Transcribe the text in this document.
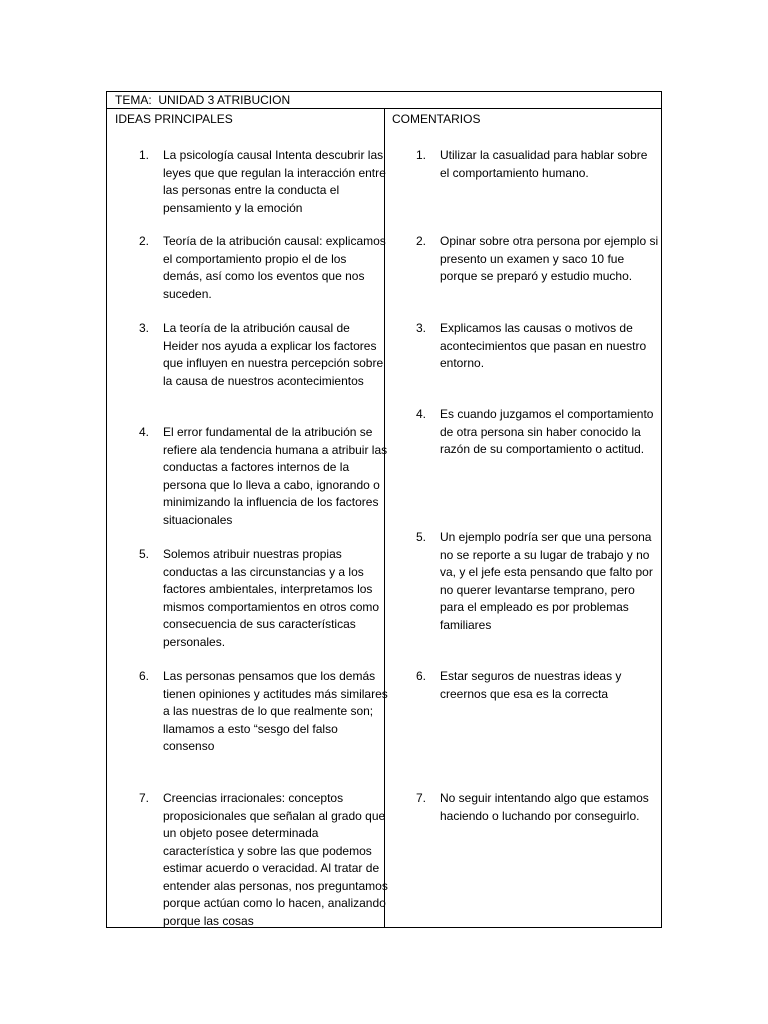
TEMA:  UNIDAD 3 ATRIBUCION
IDEAS PRINCIPALES	COMENTARIOS
1. La psicología causal Intenta descubrir las leyes que que regulan la interacción entre las personas entre la conducta el pensamiento y la emoción
2. Teoría de la atribución causal: explicamos el comportamiento propio el de los demás, así como los eventos que nos suceden.
3. La teoría de la atribución causal de Heider nos ayuda a explicar los factores que influyen en nuestra percepción sobre la causa de nuestros acontecimientos
4. El error fundamental de la atribución se refiere ala tendencia humana a atribuir las conductas a factores internos de la persona que lo lleva a cabo, ignorando o minimizando la influencia de los factores situacionales
5. Solemos atribuir nuestras propias conductas a las circunstancias y a los factores ambientales, interpretamos los mismos comportamientos en otros como consecuencia de sus características personales.
6. Las personas pensamos que los demás tienen opiniones y actitudes más similares a las nuestras de lo que realmente son; llamamos a esto “sesgo del falso consenso
7. Creencias irracionales: conceptos proposicionales que señalan al grado que un objeto posee determinada característica y sobre las que podemos estimar acuerdo o veracidad. Al tratar de entender alas personas, nos preguntamos porque actúan como lo hacen, analizando porque las cosas
1. Utilizar la casualidad para hablar sobre el comportamiento humano.
2. Opinar sobre otra persona por ejemplo si presento un examen y saco 10 fue porque se preparó y estudio mucho.
3. Explicamos las causas o motivos de acontecimientos que pasan en nuestro entorno.
4. Es cuando juzgamos el comportamiento de otra persona sin haber conocido la razón de su comportamiento o actitud.
5. Un ejemplo podría ser que una persona no se reporte a su lugar de trabajo y no va, y el jefe esta pensando que falto por no querer levantarse temprano, pero para el empleado es por problemas familiares
6. Estar seguros de nuestras ideas y creernos que esa es la correcta
7. No seguir intentando algo que estamos haciendo o luchando por conseguirlo.
